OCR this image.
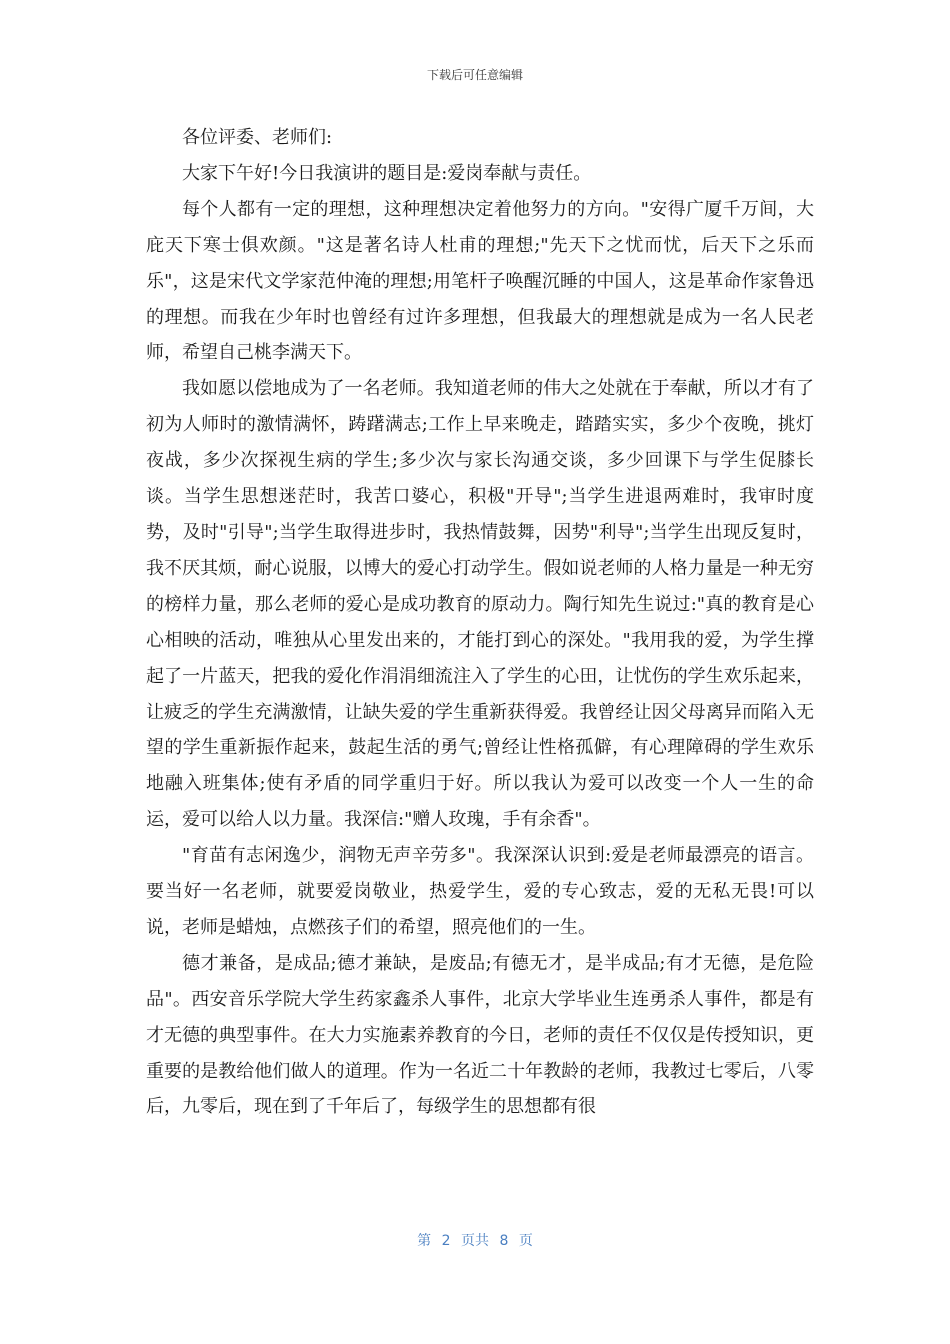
下载后可任意编辑

各位评委、老师们:

大家下午好!今日我演讲的题目是:爱岗奉献与责任。

每个人都有一定的理想，这种理想决定着他努力的方向。"安得广厦千万间，大庇天下寒士俱欢颜。"这是著名诗人杜甫的理想;"先天下之忧而忧，后天下之乐而乐"，这是宋代文学家范仲淹的理想;用笔杆子唤醒沉睡的中国人，这是革命作家鲁迅的理想。而我在少年时也曾经有过许多理想，但我最大的理想就是成为一名人民老师，希望自己桃李满天下。

我如愿以偿地成为了一名老师。我知道老师的伟大之处就在于奉献，所以才有了初为人师时的激情满怀，踌躇满志;工作上早来晚走，踏踏实实，多少个夜晚，挑灯夜战，多少次探视生病的学生;多少次与家长沟通交谈，多少回课下与学生促膝长谈。当学生思想迷茫时，我苦口婆心，积极"开导";当学生进退两难时，我审时度势，及时"引导";当学生取得进步时，我热情鼓舞，因势"利导";当学生出现反复时，我不厌其烦，耐心说服，以博大的爱心打动学生。假如说老师的人格力量是一种无穷的榜样力量，那么老师的爱心是成功教育的原动力。陶行知先生说过:"真的教育是心心相映的活动，唯独从心里发出来的，才能打到心的深处。"我用我的爱，为学生撑起了一片蓝天，把我的爱化作涓涓细流注入了学生的心田，让忧伤的学生欢乐起来，让疲乏的学生充满激情，让缺失爱的学生重新获得爱。我曾经让因父母离异而陷入无望的学生重新振作起来，鼓起生活的勇气;曾经让性格孤僻，有心理障碍的学生欢乐地融入班集体;使有矛盾的同学重归于好。所以我认为爱可以改变一个人一生的命运，爱可以给人以力量。我深信:"赠人玫瑰，手有余香"。

"育苗有志闲逸少，润物无声辛劳多"。我深深认识到:爱是老师最漂亮的语言。要当好一名老师，就要爱岗敬业，热爱学生，爱的专心致志，爱的无私无畏!可以说，老师是蜡烛，点燃孩子们的希望，照亮他们的一生。

德才兼备，是成品;德才兼缺，是废品;有德无才，是半成品;有才无德，是危险品"。西安音乐学院大学生药家鑫杀人事件，北京大学毕业生连勇杀人事件，都是有才无德的典型事件。在大力实施素养教育的今日，老师的责任不仅仅是传授知识，更重要的是教给他们做人的道理。作为一名近二十年教龄的老师，我教过七零后，八零后，九零后，现在到了千年后了，每级学生的思想都有很

第 2 页共 8 页
